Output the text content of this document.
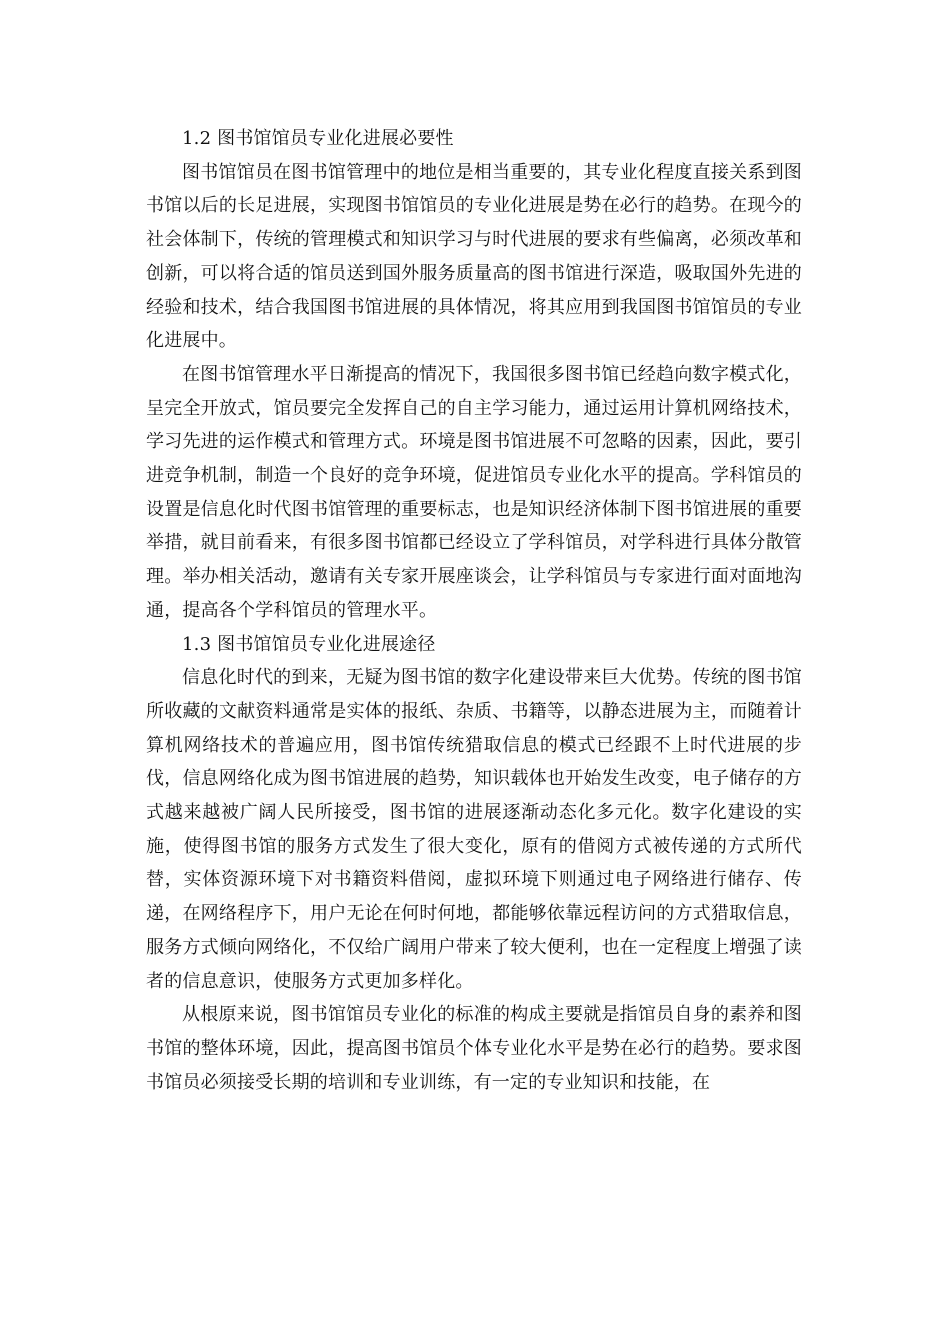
1.2 图书馆馆员专业化进展必要性

图书馆馆员在图书馆管理中的地位是相当重要的，其专业化程度直接关系到图书馆以后的长足进展，实现图书馆馆员的专业化进展是势在必行的趋势。在现今的社会体制下，传统的管理模式和知识学习与时代进展的要求有些偏离，必须改革和创新，可以将合适的馆员送到国外服务质量高的图书馆进行深造，吸取国外先进的经验和技术，结合我国图书馆进展的具体情况，将其应用到我国图书馆馆员的专业化进展中。

在图书馆管理水平日渐提高的情况下，我国很多图书馆已经趋向数字模式化，呈完全开放式，馆员要完全发挥自己的自主学习能力，通过运用计算机网络技术，学习先进的运作模式和管理方式。环境是图书馆进展不可忽略的因素，因此，要引进竞争机制，制造一个良好的竞争环境，促进馆员专业化水平的提高。学科馆员的设置是信息化时代图书馆管理的重要标志，也是知识经济体制下图书馆进展的重要举措，就目前看来，有很多图书馆都已经设立了学科馆员，对学科进行具体分散管理。举办相关活动，邀请有关专家开展座谈会，让学科馆员与专家进行面对面地沟通，提高各个学科馆员的管理水平。

1.3 图书馆馆员专业化进展途径

信息化时代的到来，无疑为图书馆的数字化建设带来巨大优势。传统的图书馆所收藏的文献资料通常是实体的报纸、杂质、书籍等，以静态进展为主，而随着计算机网络技术的普遍应用，图书馆传统猎取信息的模式已经跟不上时代进展的步伐，信息网络化成为图书馆进展的趋势，知识载体也开始发生改变，电子储存的方式越来越被广阔人民所接受，图书馆的进展逐渐动态化多元化。数字化建设的实施，使得图书馆的服务方式发生了很大变化，原有的借阅方式被传递的方式所代替，实体资源环境下对书籍资料借阅，虚拟环境下则通过电子网络进行储存、传递，在网络程序下，用户无论在何时何地，都能够依靠远程访问的方式猎取信息，服务方式倾向网络化，不仅给广阔用户带来了较大便利，也在一定程度上增强了读者的信息意识，使服务方式更加多样化。

从根原来说，图书馆馆员专业化的标准的构成主要就是指馆员自身的素养和图书馆的整体环境，因此，提高图书馆员个体专业化水平是势在必行的趋势。要求图书馆员必须接受长期的培训和专业训练，有一定的专业知识和技能，在
